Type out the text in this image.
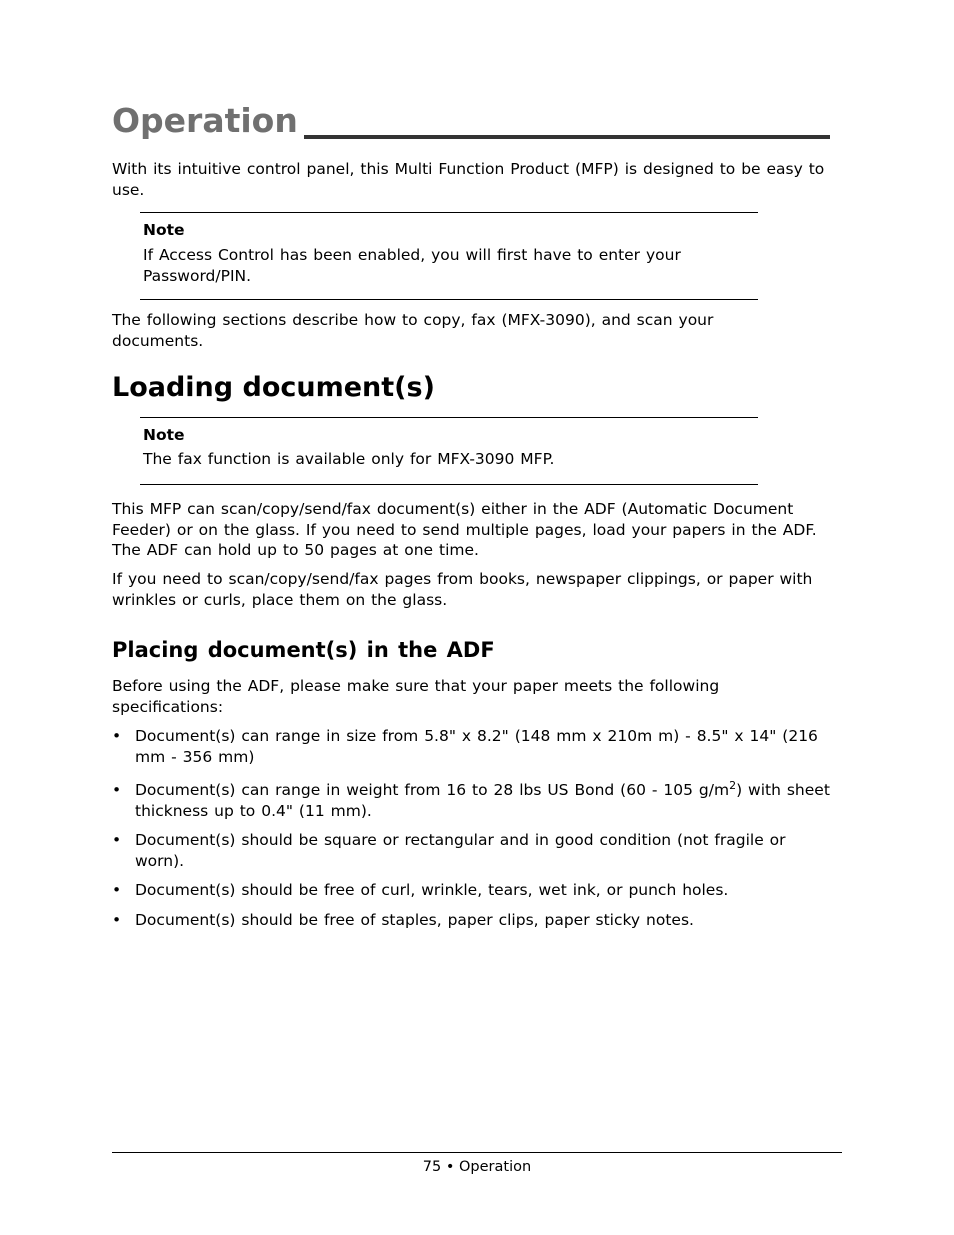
Operation
With its intuitive control panel, this Multi Function Product (MFP) is designed to be easy to use.
Note
If Access Control has been enabled, you will first have to enter your Password/PIN.
The following sections describe how to copy, fax (MFX-3090), and scan your documents.
Loading document(s)
Note
The fax function is available only for MFX-3090 MFP.
This MFP can scan/copy/send/fax document(s) either in the ADF (Automatic Document Feeder) or on the glass. If you need to send multiple pages, load your papers in the ADF. The ADF can hold up to 50 pages at one time.
If you need to scan/copy/send/fax pages from books, newspaper clippings, or paper with wrinkles or curls, place them on the glass.
Placing document(s) in the ADF
Before using the ADF, please make sure that your paper meets the following specifications:
• Document(s) can range in size from 5.8" x 8.2" (148 mm x 210m m) - 8.5" x 14" (216 mm - 356 mm)
• Document(s) can range in weight from 16 to 28 lbs US Bond (60 - 105 $g/m^2$) with sheet thickness up to 0.4" (11 mm).
• Document(s) should be square or rectangular and in good condition (not fragile or worn).
• Document(s) should be free of curl, wrinkle, tears, wet ink, or punch holes.
• Document(s) should be free of staples, paper clips, paper sticky notes.
75 • Operation
